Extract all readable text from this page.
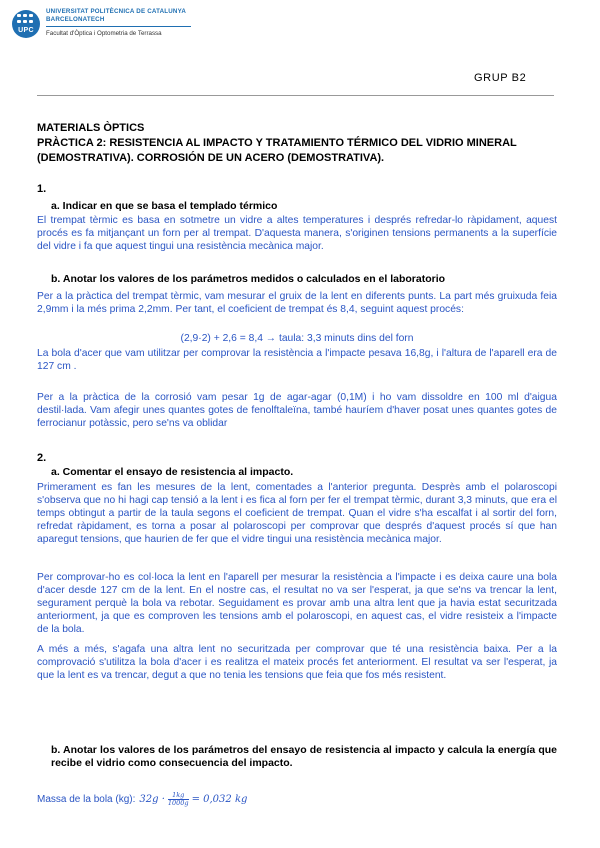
UPC
UNIVERSITAT POLITÈCNICA DE CATALUNYA
BARCELONATECH
Facultat d'Òptica i Optometria de Terrassa
GRUP B2
MATERIALS ÒPTICS
PRÀCTICA 2: RESISTENCIA AL IMPACTO Y TRATAMIENTO TÉRMICO DEL VIDRIO MINERAL (DEMOSTRATIVA). CORROSIÓN DE UN ACERO (DEMOSTRATIVA).
1.
a. Indicar en que se basa el templado térmico
El trempat tèrmic es basa en sotmetre un vidre a altes temperatures i després refredar-lo ràpidament, aquest procés es fa mitjançant un forn per al trempat. D'aquesta manera, s'originen tensions permanents a la superfície del vidre i fa que aquest tingui una resistència mecànica major.
b. Anotar los valores de los parámetros medidos o calculados en el laboratorio
Per a la pràctica del trempat tèrmic, vam mesurar el gruix de la lent en diferents punts. La part més gruixuda feia 2,9mm i la més prima 2,2mm. Per tant, el coeficient de trempat és 8,4, seguint aquest procés:
(2,9·2) + 2,6 = 8,4 → taula: 3,3 minuts dins del forn
La bola d'acer que vam utilitzar per comprovar la resistència a l'impacte pesava 16,8g, i l'altura de l'aparell era de 127 cm .
Per a la pràctica de la corrosió vam pesar 1g de agar-agar (0,1M) i ho vam dissoldre en 100 ml d'aigua destil·lada. Vam afegir unes quantes gotes de fenolftaleïna, també hauríem d'haver posat unes quantes gotes de ferrocianur potàssic, pero se'ns va oblidar
2.
a. Comentar el ensayo de resistencia al impacto.
Primerament es fan les mesures de la lent, comentades a l'anterior pregunta. Desprès amb el polaroscopi s'observa que no hi hagi cap tensió a la lent i es fica al forn per fer el trempat tèrmic, durant 3,3 minuts, que era el temps obtingut a partir de la taula segons el coeficient de trempat. Quan el vidre s'ha escalfat i al sortir del forn, refredat ràpidament, es torna a posar al polaroscopi per comprovar que després d'aquest procés sí que han aparegut tensions, que haurien de fer que el vidre tingui una resistència mecànica major.
Per comprovar-ho es col·loca la lent en l'aparell per mesurar la resistència a l'impacte i es deixa caure una bola d'acer desde 127 cm de la lent. En el nostre cas, el resultat no va ser l'esperat, ja que se'ns va trencar la lent, segurament perquè la bola va rebotar. Seguidament es provar amb una altra lent que ja havia estat securitzada anteriorment, ja que es comproven les tensions amb el polaroscopi, en aquest cas, el vidre resisteix a l'impacte de la bola.
A més a més, s'agafa una altra lent no securitzada per comprovar que té una resistència baixa. Per a la comprovació s'utilitza la bola d'acer i es realitza el mateix procés fet anteriorment. El resultat va ser l'esperat, ja que la lent es va trencar, degut a que no tenia les tensions que feia que fos més resistent.
b. Anotar los valores de los parámetros del ensayo de resistencia al impacto y calcula la energía que recibe el vidrio como consecuencia del impacto.
Massa de la bola (kg): $32g \cdot \frac{1kg}{1000g} = 0,032$ kg
